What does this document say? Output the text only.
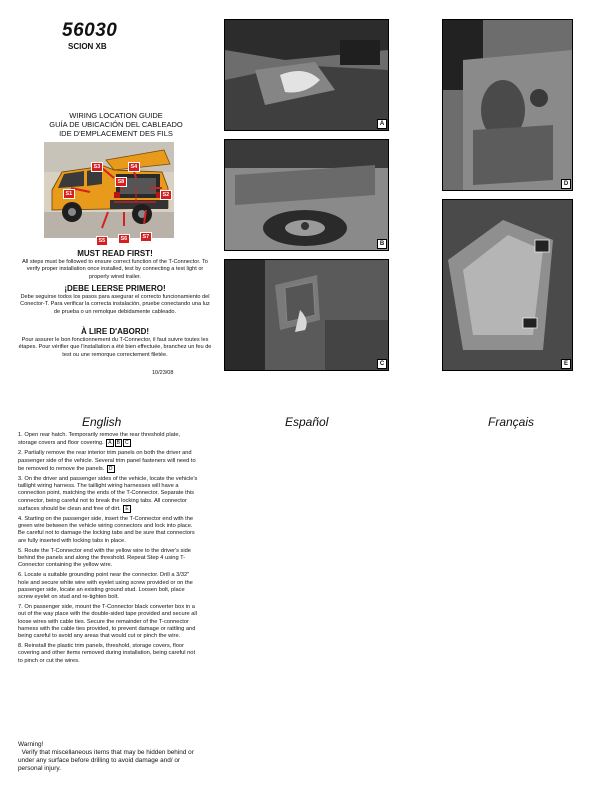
56030
SCION XB
WIRING LOCATION GUIDE
GUÍA DE UBICACIÓN DEL CABLEADO
IDE D'EMPLACEMENT DES FILS
S1	S2
S3	S4
S5	S6	S7
S8
MUST READ FIRST!

All steps must be followed to ensure correct function of the T-Connector. To verify proper installation once installed, test by connecting a test light or properly wired trailer.

¡DEBE LEERSE PRIMERO!

Debe seguirse todos los pasos para asegurar el correcto funcionamiento del Conector-T. Para verificar la correcta instalación, pruebe conectando una luz de prueba o un remolque debidamente cableado.

À LIRE D'ABORD!

Pour assurer le bon fonctionnement du T-Connector, il faut suivre toutes les étapes. Pour vérifier que l'installation a été bien effectuée, branchez un feu de test ou une remorque correctement filetée.

10/23/08
A
B
C
D
E
English	Español	Français

1. Open rear hatch. Temporarily remove the rear threshold plate, storage covers and floor covering. A B C

2. Partially remove the rear interior trim panels on both the driver and passenger side of the vehicle. Several trim panel fasteners will need to be removed to remove the panels. D

3. On the driver and passenger sides of the vehicle, locate the vehicle's taillight wiring harness. The taillight wiring harnesses will have a connection point, matching the ends of the T-Connector. Separate this connector, being careful not to break the locking tabs. All connector surfaces should be clean and free of dirt. E

4. Starting on the passenger side, insert the T-Connector end with the green wire between the vehicle wiring connectors and lock into place. Be careful not to damage the locking tabs and be sure that connectors are fully inserted with locking tabs in place.

5. Route the T-Connector end with the yellow wire to the driver's side behind the panels and along the threshold. Repeat Step 4 using T-Connector containing the yellow wire.

6. Locate a suitable grounding point near the connector. Drill a 3/32" hole and secure white wire with eyelet using screw provided or on the passenger side, locate an existing ground stud. Loosen bolt, place screw eyelet on stud and re-tighten bolt.

7. On passenger side, mount the T-Connector black converter box in a out of the way place with the double-sided tape provided and secure all loose wires with cable ties. Secure the remainder of the T-connector harness with the cable ties provided, to prevent damage or rattling and being careful to avoid any areas that would cut or pinch the wire.

8. Reinstall the plastic trim panels, threshold, storage covers, floor covering and other items removed during installation, being careful not to pinch or cut the wires.

Warning!

Verify that miscellaneous items that may be hidden behind or under any surface before drilling to avoid damage and/ or personal injury.
